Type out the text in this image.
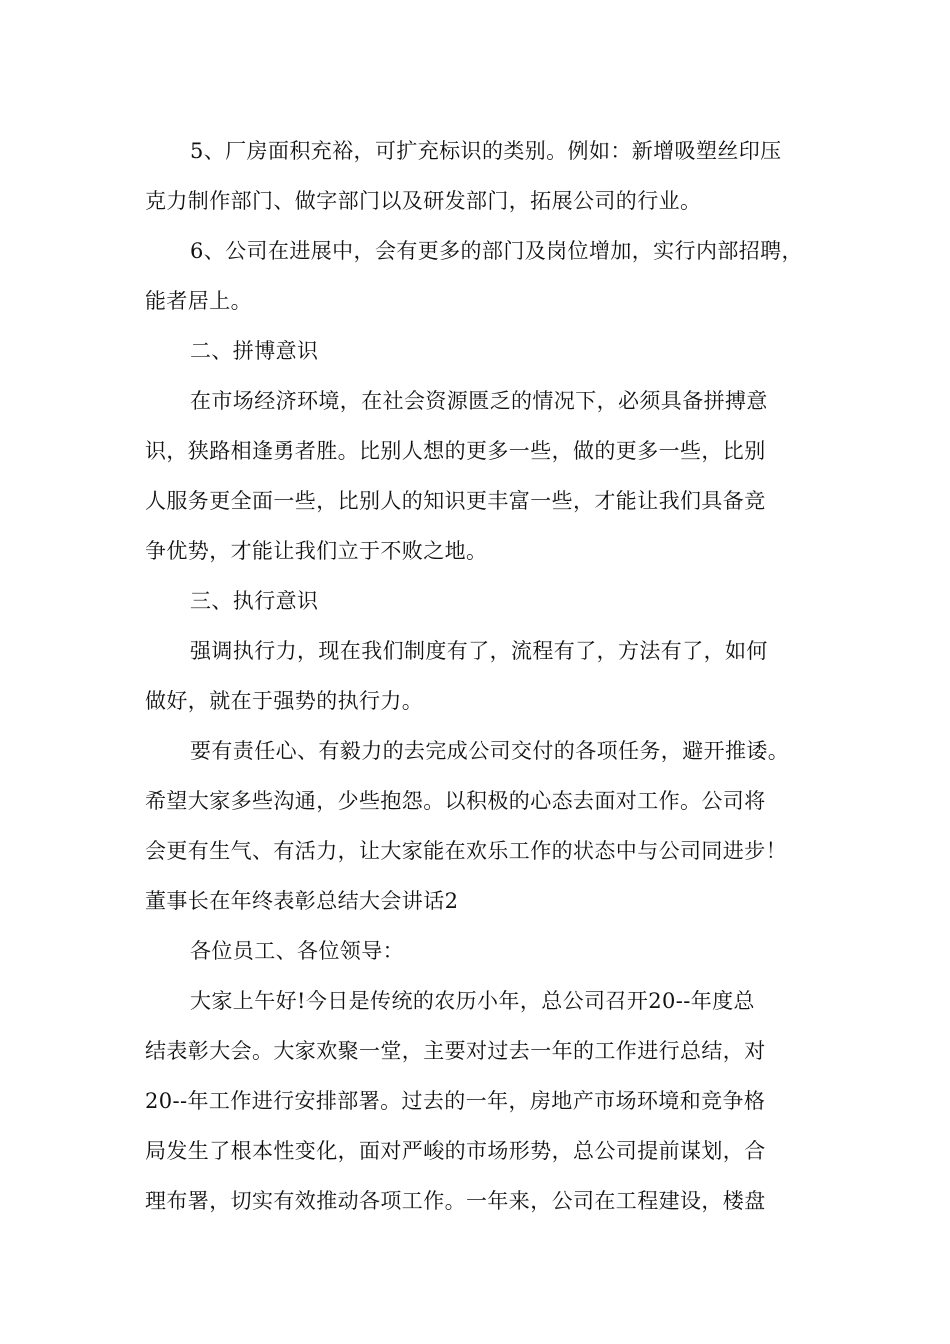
5、厂房面积充裕，可扩充标识的类别。例如：新增吸塑丝印压
克力制作部门、做字部门以及研发部门，拓展公司的行业。
6、公司在进展中，会有更多的部门及岗位增加，实行内部招聘，
能者居上。
二、拼博意识
在市场经济环境，在社会资源匮乏的情况下，必须具备拼搏意
识，狭路相逢勇者胜。比别人想的更多一些，做的更多一些，比别
人服务更全面一些，比别人的知识更丰富一些，才能让我们具备竞
争优势，才能让我们立于不败之地。
三、执行意识
强调执行力，现在我们制度有了，流程有了，方法有了，如何
做好，就在于强势的执行力。
要有责任心、有毅力的去完成公司交付的各项任务，避开推诿。
希望大家多些沟通，少些抱怨。以积极的心态去面对工作。公司将
会更有生气、有活力，让大家能在欢乐工作的状态中与公司同进步！
董事长在年终表彰总结大会讲话2
各位员工、各位领导：
大家上午好!今日是传统的农历小年，总公司召开20--年度总
结表彰大会。大家欢聚一堂，主要对过去一年的工作进行总结，对
20--年工作进行安排部署。过去的一年，房地产市场环境和竞争格
局发生了根本性变化，面对严峻的市场形势，总公司提前谋划，合
理布署，切实有效推动各项工作。一年来，公司在工程建设，楼盘
